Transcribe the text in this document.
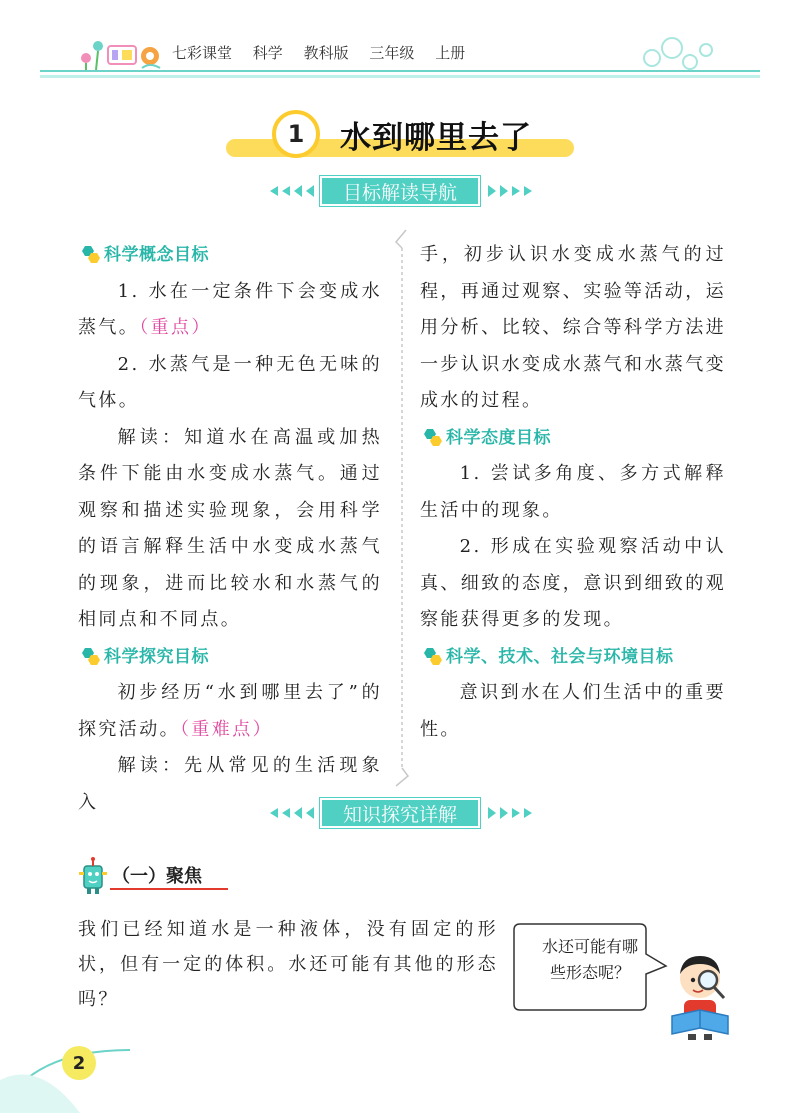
七彩课堂 科学 教科版 三年级 上册
1	水到哪里去了
目标解读导航
科学概念目标
1. 水在一定条件下会变成水蒸气。（重点）
2. 水蒸气是一种无色无味的气体。
解读：知道水在高温或加热条件下能由水变成水蒸气。通过观察和描述实验现象，会用科学的语言解释生活中水变成水蒸气的现象，进而比较水和水蒸气的相同点和不同点。
科学探究目标
初步经历“水到哪里去了”的探究活动。（重难点）
解读：先从常见的生活现象入
手，初步认识水变成水蒸气的过程，再通过观察、实验等活动，运用分析、比较、综合等科学方法进一步认识水变成水蒸气和水蒸气变成水的过程。
科学态度目标
1. 尝试多角度、多方式解释生活中的现象。
2. 形成在实验观察活动中认真、细致的态度，意识到细致的观察能获得更多的发现。
科学、技术、社会与环境目标
意识到水在人们生活中的重要性。
知识探究详解
（一）聚焦
我们已经知道水是一种液体，没有固定的形状，但有一定的体积。水还可能有其他的形态吗？
水还可能有哪些形态呢？
2
